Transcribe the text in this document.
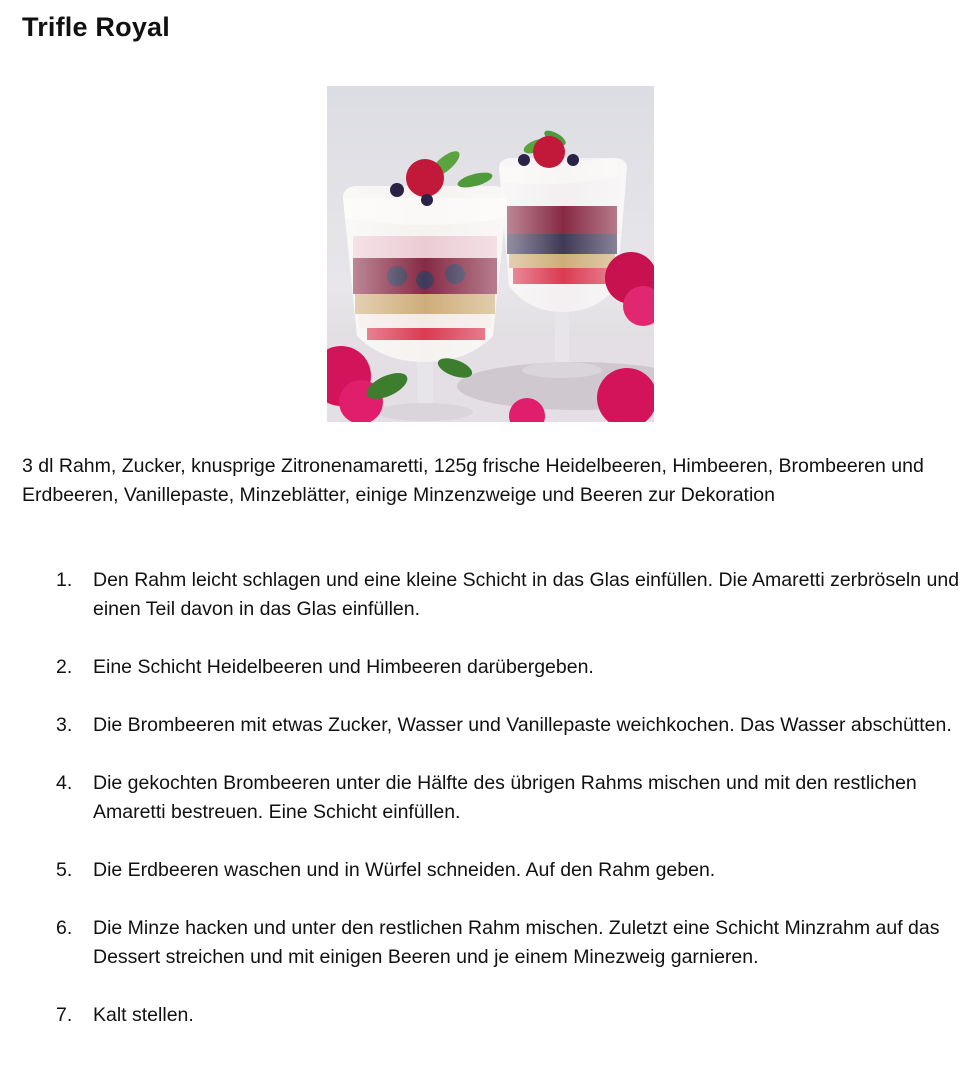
Trifle Royal

3 dl Rahm, Zucker, knusprige Zitronenamaretti, 125g frische Heidelbeeren, Himbeeren, Brombeeren und Erdbeeren, Vanillepaste, Minzeblätter, einige Minzenzweige und Beeren zur Dekoration

1. Den Rahm leicht schlagen und eine kleine Schicht in das Glas einfüllen. Die Amaretti zerbröseln und einen Teil davon in das Glas einfüllen.
2. Eine Schicht Heidelbeeren und Himbeeren darübergeben.
3. Die Brombeeren mit etwas Zucker, Wasser und Vanillepaste weichkochen. Das Wasser abschütten.
4. Die gekochten Brombeeren unter die Hälfte des übrigen Rahms mischen und mit den restlichen Amaretti bestreuen. Eine Schicht einfüllen.
5. Die Erdbeeren waschen und in Würfel schneiden. Auf den Rahm geben.
6. Die Minze hacken und unter den restlichen Rahm mischen. Zuletzt eine Schicht Minzrahm auf das Dessert streichen und mit einigen Beeren und je einem Minezweig garnieren.
7. Kalt stellen.
